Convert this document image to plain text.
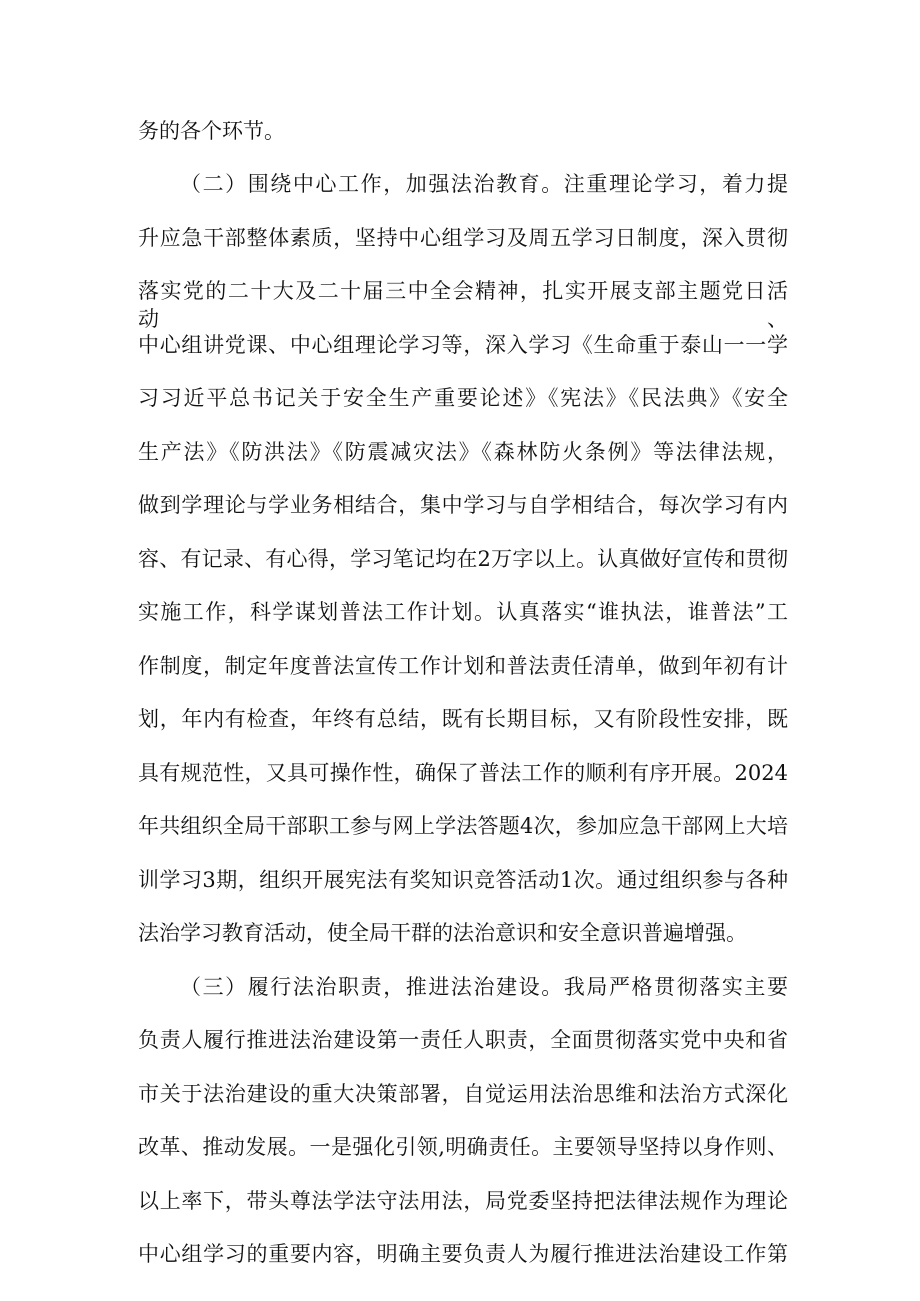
务的各个环节。
（二）围绕中心工作，加强法治教育。注重理论学习，着力提
升应急干部整体素质，坚持中心组学习及周五学习日制度，深入贯彻
落实党的二十大及二十届三中全会精神，扎实开展支部主题党日活动、
中心组讲党课、中心组理论学习等，深入学习《生命重于泰山一一学
习习近平总书记关于安全生产重要论述》《宪法》《民法典》《安全
生产法》《防洪法》《防震减灾法》《森林防火条例》等法律法规，
做到学理论与学业务相结合，集中学习与自学相结合，每次学习有内
容、有记录、有心得，学习笔记均在2万字以上。认真做好宣传和贯彻
实施工作，科学谋划普法工作计划。认真落实“谁执法，谁普法”工
作制度，制定年度普法宣传工作计划和普法责任清单，做到年初有计
划，年内有检查，年终有总结，既有长期目标，又有阶段性安排，既
具有规范性，又具可操作性，确保了普法工作的顺利有序开展。2024
年共组织全局干部职工参与网上学法答题4次，参加应急干部网上大培
训学习3期，组织开展宪法有奖知识竞答活动1次。通过组织参与各种
法治学习教育活动，使全局干群的法治意识和安全意识普遍增强。
（三）履行法治职责，推进法治建设。我局严格贯彻落实主要
负责人履行推进法治建设第一责任人职责，全面贯彻落实党中央和省
市关于法治建设的重大决策部署，自觉运用法治思维和法治方式深化
改革、推动发展。一是强化引领,明确责任。主要领导坚持以身作则、
以上率下，带头尊法学法守法用法，局党委坚持把法律法规作为理论
中心组学习的重要内容，明确主要负责人为履行推进法治建设工作第
